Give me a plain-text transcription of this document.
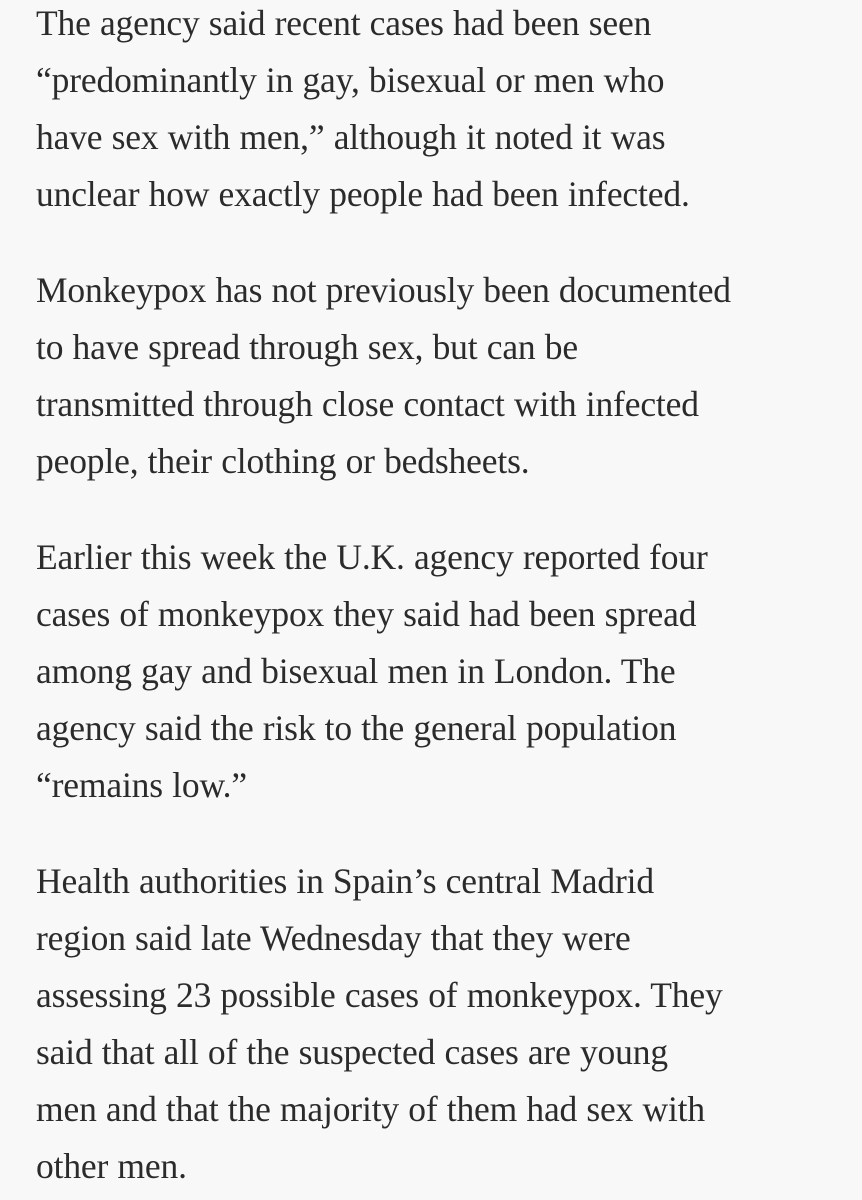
The agency said recent cases had been seen
“predominantly in gay, bisexual or men who
have sex with men,” although it noted it was
unclear how exactly people had been infected.

Monkeypox has not previously been documented
to have spread through sex, but can be
transmitted through close contact with infected
people, their clothing or bedsheets.

Earlier this week the U.K. agency reported four
cases of monkeypox they said had been spread
among gay and bisexual men in London. The
agency said the risk to the general population
“remains low.”

Health authorities in Spain’s central Madrid
region said late Wednesday that they were
assessing 23 possible cases of monkeypox. They
said that all of the suspected cases are young
men and that the majority of them had sex with
other men.
